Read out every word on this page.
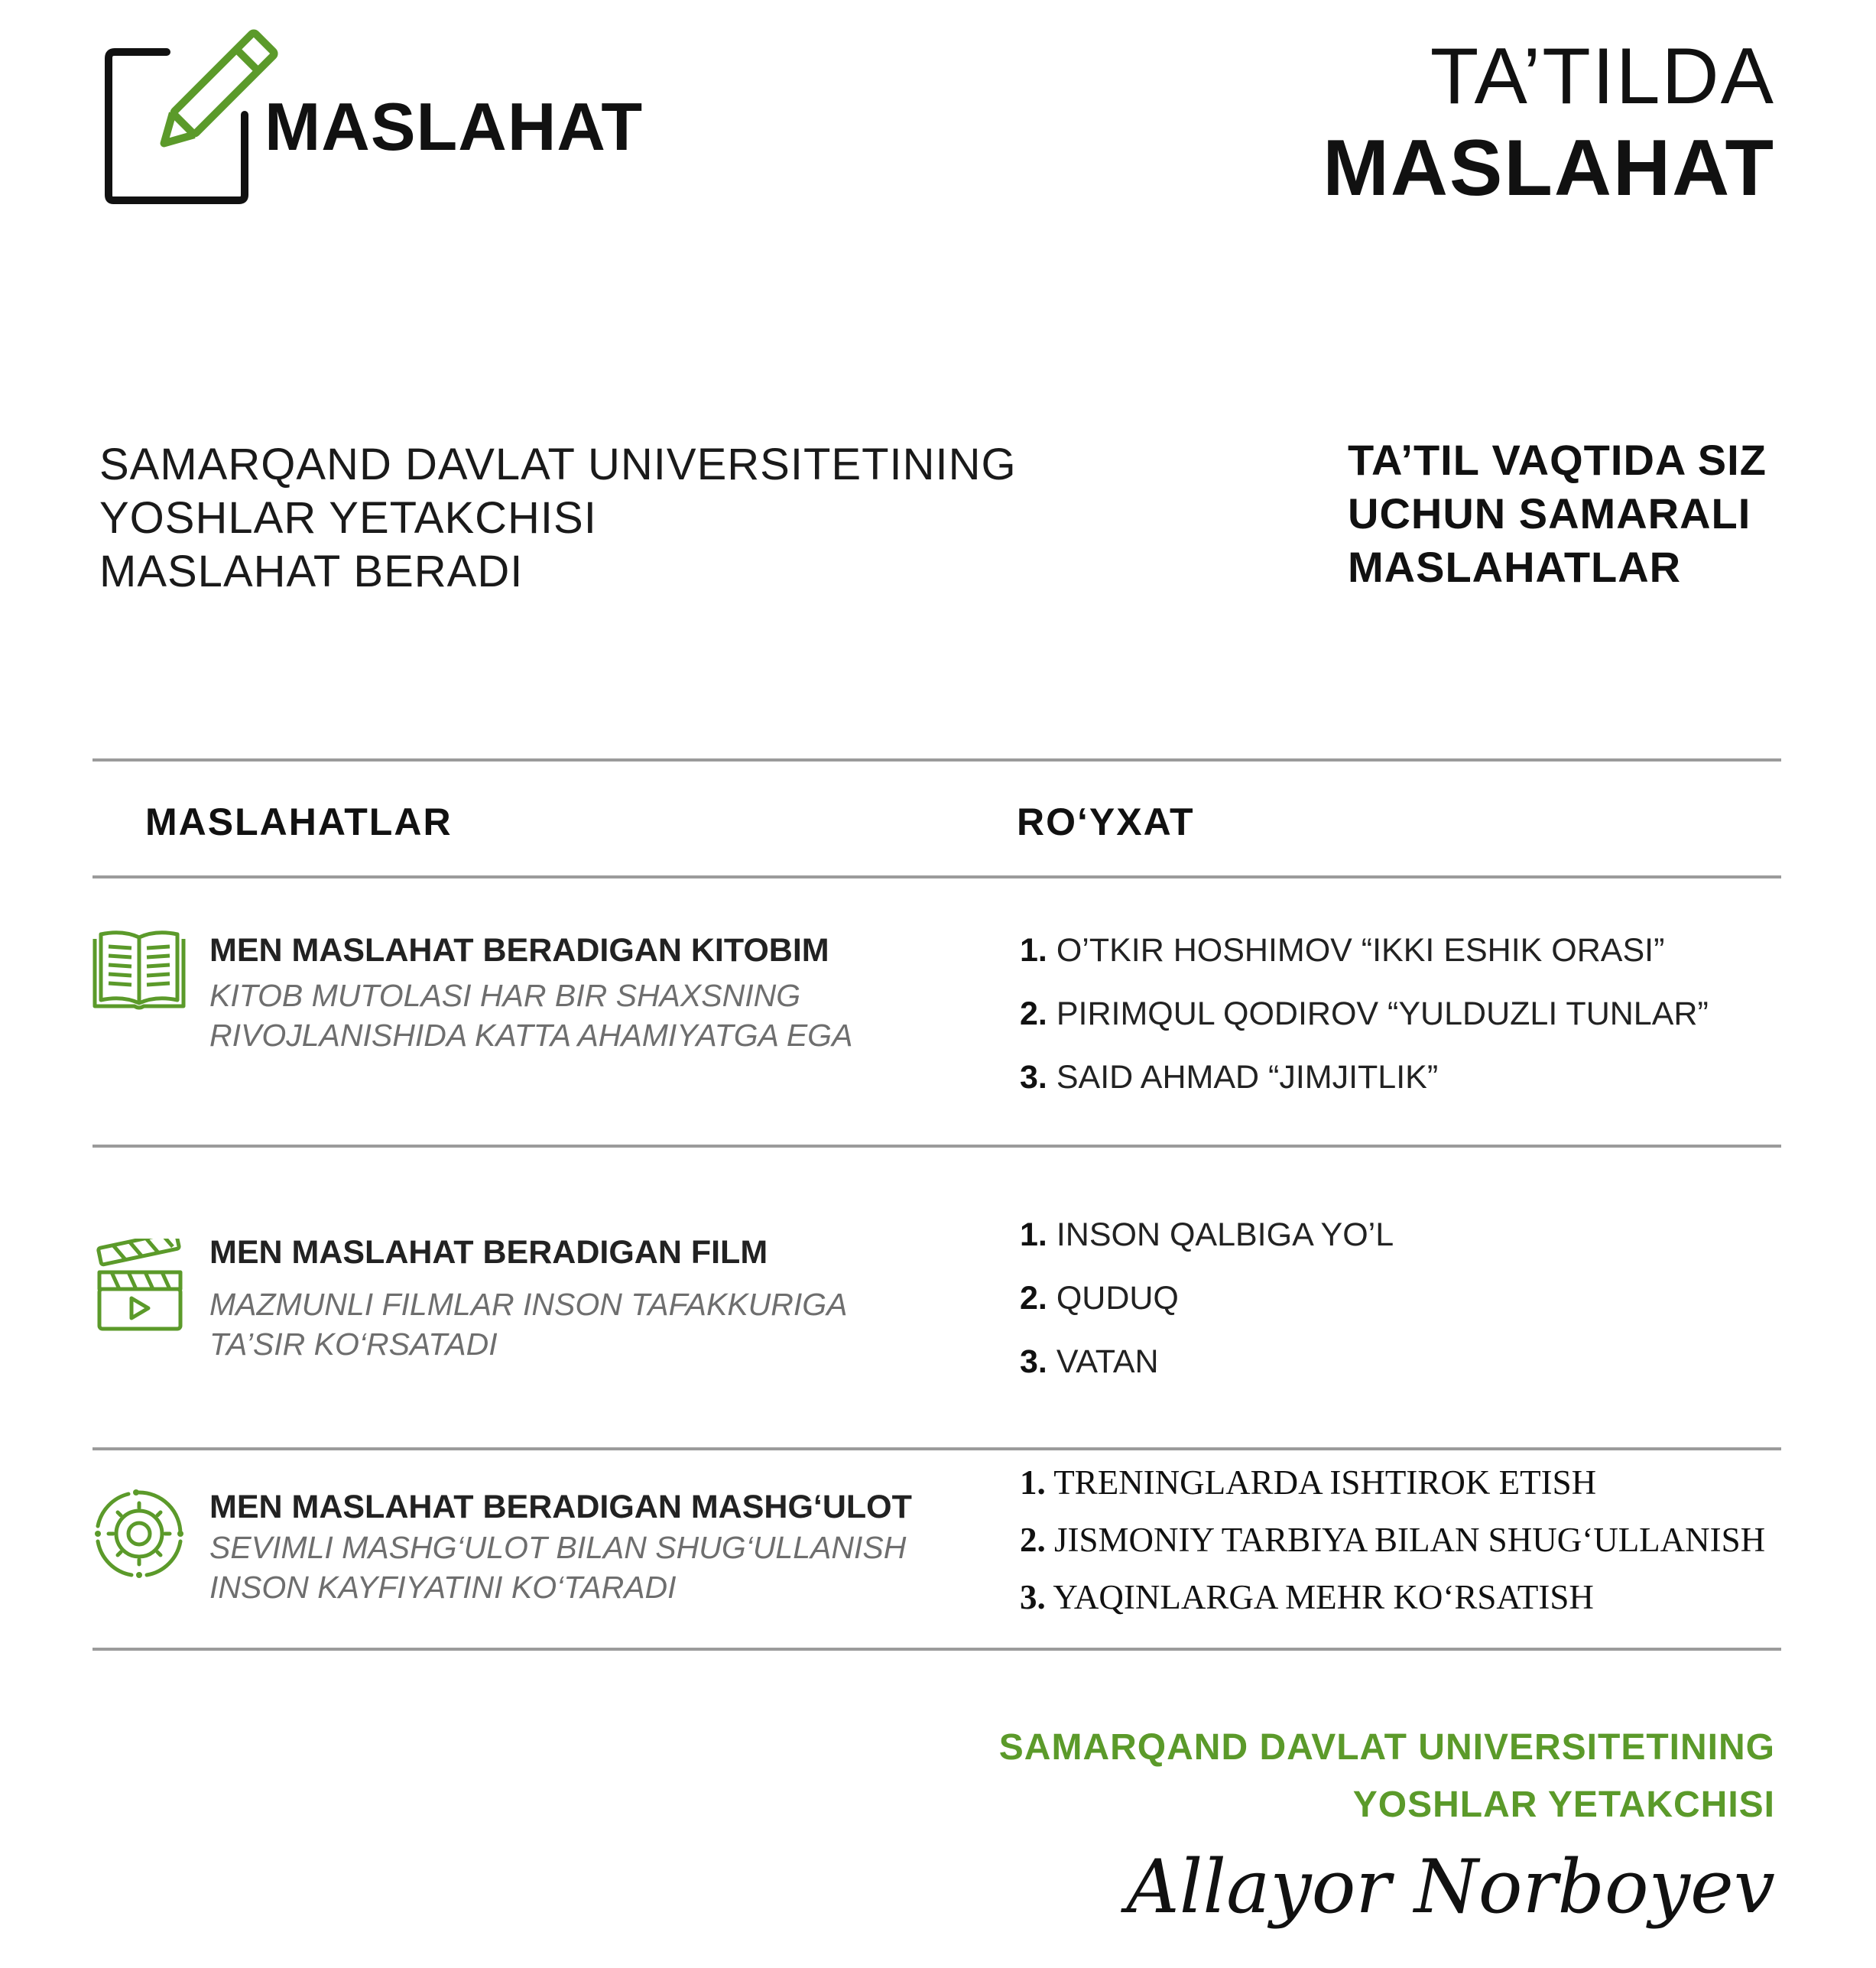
MASLAHAT
TA’TILDA
MASLAHAT
SAMARQAND DAVLAT UNIVERSITETINING
YOSHLAR YETAKCHISI
MASLAHAT BERADI
TA’TIL VAQTIDA SIZ
UCHUN SAMARALI
MASLAHATLAR
MASLAHATLAR	RO‘YXAT
MEN MASLAHAT BERADIGAN KITOBIM
KITOB MUTOLASI HAR BIR SHAXSNING
RIVOJLANISHIDA KATTA AHAMIYATGA EGA
1. O’TKIR HOSHIMOV “IKKI ESHIK ORASI”
2. PIRIMQUL QODIROV “YULDUZLI TUNLAR”
3. SAID AHMAD “JIMJITLIK”
MEN MASLAHAT BERADIGAN FILM
MAZMUNLI FILMLAR INSON TAFAKKURIGA
TA’SIR KO‘RSATADI
1. INSON QALBIGA YO’L
2. QUDUQ
3. VATAN
MEN MASLAHAT BERADIGAN MASHG‘ULOT
SEVIMLI MASHG‘ULOT BILAN SHUG‘ULLANISH
INSON KAYFIYATINI KO‘TARADI
1. TRENINGLARDA ISHTIROK ETISH
2. JISMONIY TARBIYA BILAN SHUG‘ULLANISH
3. YAQINLARGA MEHR KO‘RSATISH
SAMARQAND DAVLAT UNIVERSITETINING
YOSHLAR YETAKCHISI
Allayor Norboyev
